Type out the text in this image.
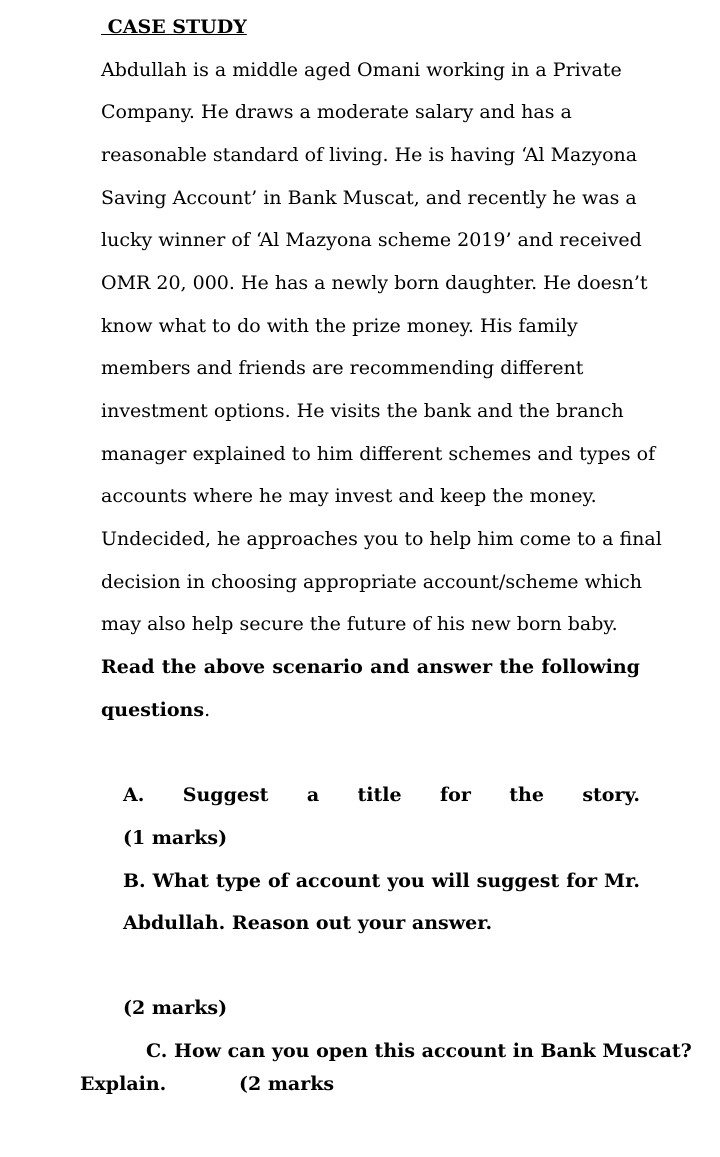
CASE STUDY
Abdullah is a middle aged Omani working in a Private
Company. He draws a moderate salary and has a
reasonable standard of living. He is having ‘Al Mazyona
Saving Account’ in Bank Muscat, and recently he was a
lucky winner of ‘Al Mazyona scheme 2019’ and received
OMR 20, 000. He has a newly born daughter. He doesn’t
know what to do with the prize money. His family
members and friends are recommending different
investment options. He visits the bank and the branch
manager explained to him different schemes and types of
accounts where he may invest and keep the money.
Undecided, he approaches you to help him come to a final
decision in choosing appropriate account/scheme which
may also help secure the future of his new born baby.
Read the above scenario and answer the following
questions.
A. Suggest a title for the story.
(1 marks)
B. What type of account you will suggest for Mr.
Abdullah. Reason out your answer.
(2 marks)
C. How can you open this account in Bank Muscat?
Explain.	(2 marks
